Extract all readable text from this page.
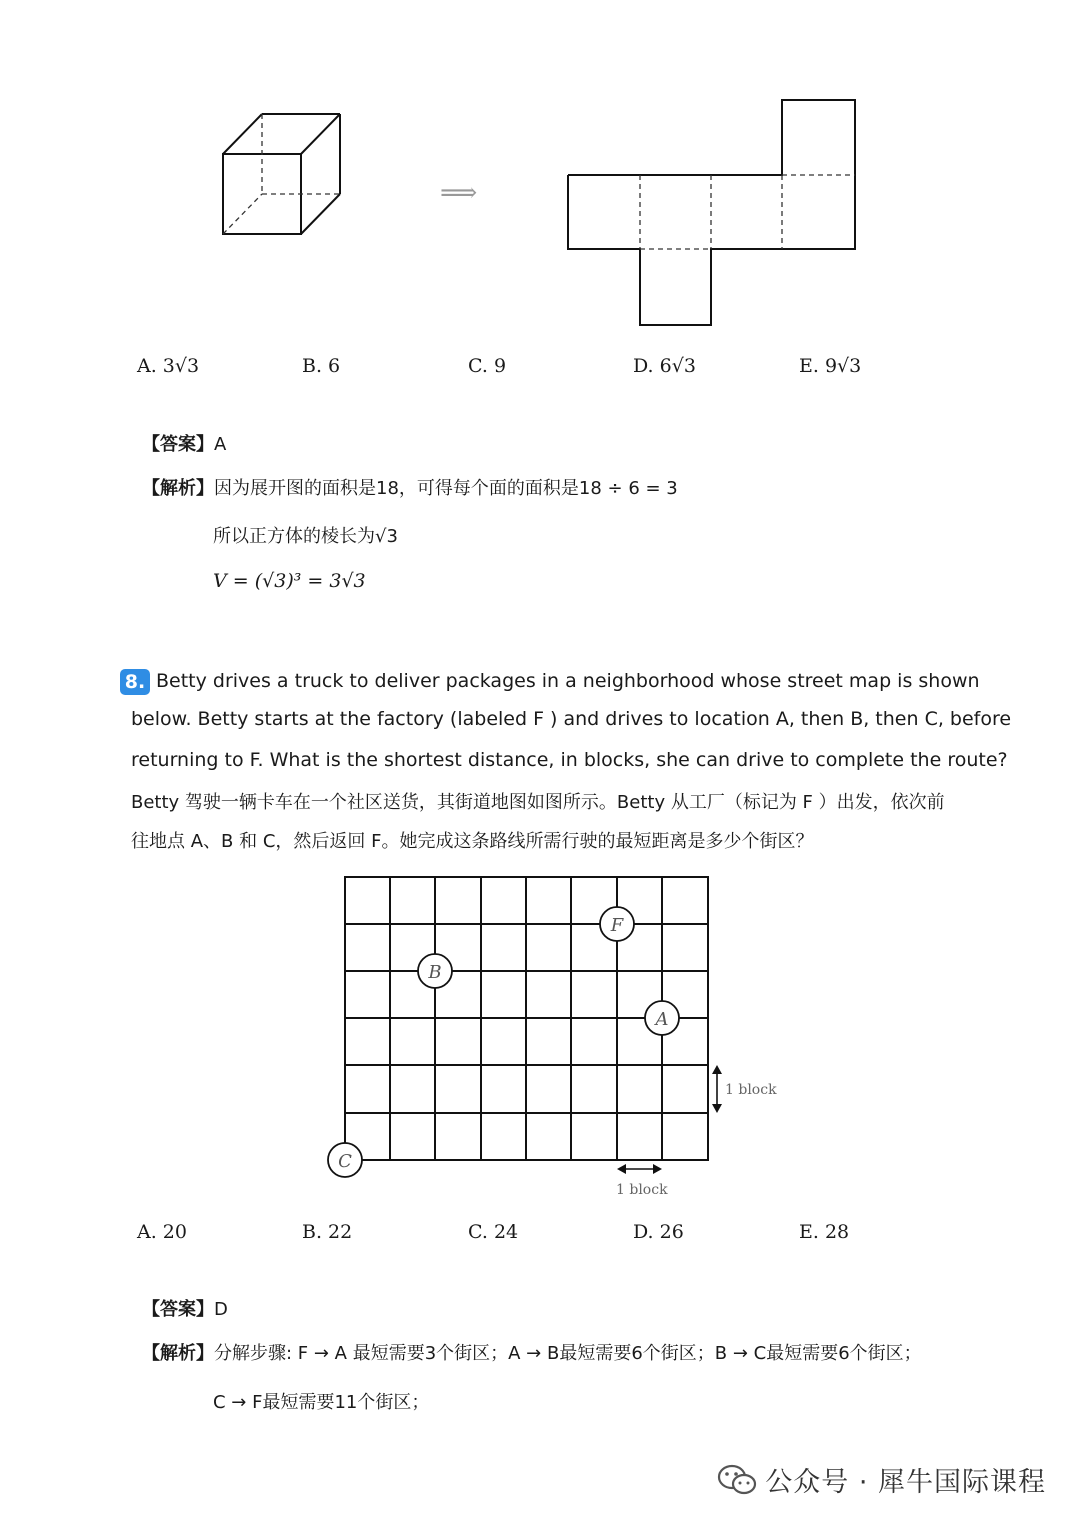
⟹
A. 3√3	B. 6	C. 9	D. 6√3	E. 9√3
【答案】A
【解析】因为展开图的面积是18，可得每个面的面积是18 ÷ 6 = 3
所以正方体的棱长为√3
V = (√3)³ = 3√3
8. Betty drives a truck to deliver packages in a neighborhood whose street map is shown
below. Betty starts at the factory (labeled F ) and drives to location A, then B, then C, before
returning to F. What is the shortest distance, in blocks, she can drive to complete the route?
Betty 驾驶一辆卡车在一个社区送货，其街道地图如图所示。Betty 从工厂（标记为 F ）出发，依次前
往地点 A、B 和 C，然后返回 F。她完成这条路线所需行驶的最短距离是多少个街区？
F
B
A
C
1 block
1 block
A. 20	B. 22	C. 24	D. 26	E. 28
【答案】D
【解析】分解步骤: F → A 最短需要3个街区；A → B最短需要6个街区；B → C最短需要6个街区；
C → F最短需要11个街区；
公众号 · 犀牛国际课程
